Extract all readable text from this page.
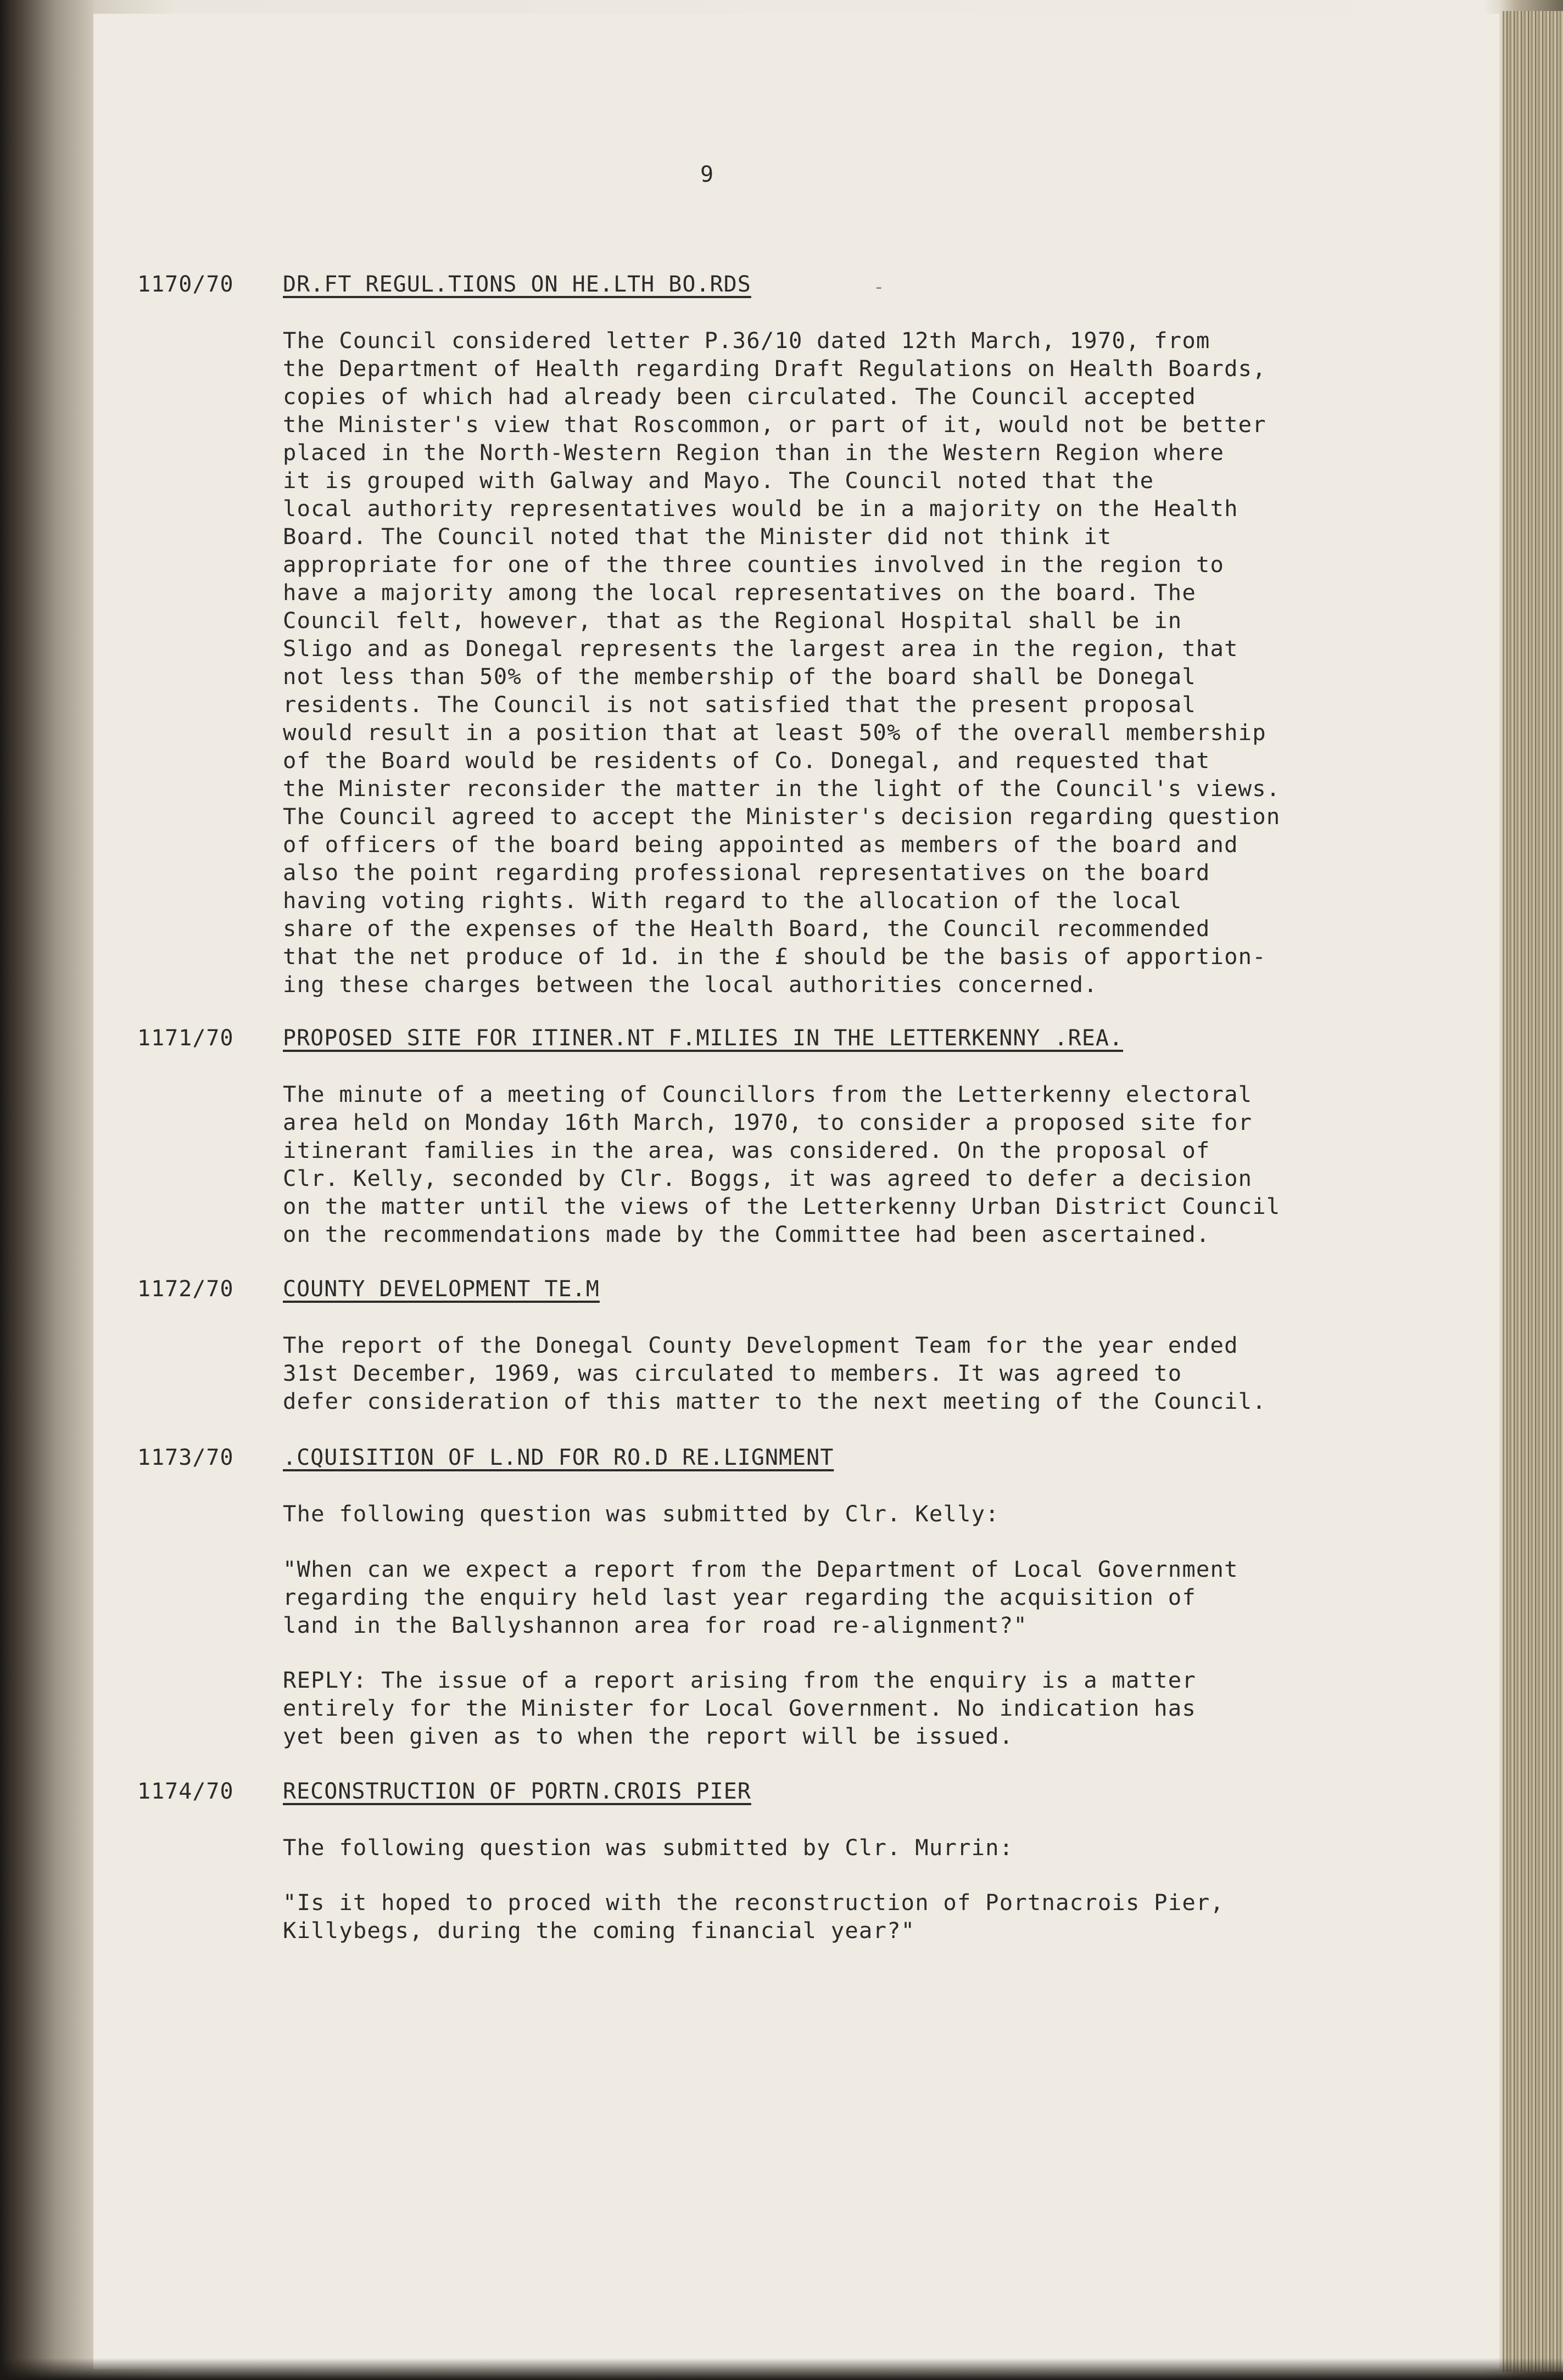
9
-
1170/70 DR.FT REGUL.TIONS ON HE.LTH BO.RDS

The Council considered letter P.36/10 dated 12th March, 1970, from
the Department of Health regarding Draft Regulations on Health Boards,
copies of which had already been circulated. The Council accepted
the Minister's view that Roscommon, or part of it, would not be better
placed in the North-Western Region than in the Western Region where
it is grouped with Galway and Mayo. The Council noted that the
local authority representatives would be in a majority on the Health
Board. The Council noted that the Minister did not think it
appropriate for one of the three counties involved in the region to
have a majority among the local representatives on the board. The
Council felt, however, that as the Regional Hospital shall be in
Sligo and as Donegal represents the largest area in the region, that
not less than 50% of the membership of the board shall be Donegal
residents. The Council is not satisfied that the present proposal
would result in a position that at least 50% of the overall membership
of the Board would be residents of Co. Donegal, and requested that
the Minister reconsider the matter in the light of the Council's views.
The Council agreed to accept the Minister's decision regarding question
of officers of the board being appointed as members of the board and
also the point regarding professional representatives on the board
having voting rights. With regard to the allocation of the local
share of the expenses of the Health Board, the Council recommended
that the net produce of 1d. in the £ should be the basis of apportion-
ing these charges between the local authorities concerned.

1171/70 PROPOSED SITE FOR ITINER.NT F.MILIES IN THE LETTERKENNY .REA.

The minute of a meeting of Councillors from the Letterkenny electoral
area held on Monday 16th March, 1970, to consider a proposed site for
itinerant families in the area, was considered. On the proposal of
Clr. Kelly, seconded by Clr. Boggs, it was agreed to defer a decision
on the matter until the views of the Letterkenny Urban District Council
on the recommendations made by the Committee had been ascertained.

1172/70 COUNTY DEVELOPMENT TE.M

The report of the Donegal County Development Team for the year ended
31st December, 1969, was circulated to members. It was agreed to
defer consideration of this matter to the next meeting of the Council.

1173/70 .CQUISITION OF L.ND FOR RO.D RE.LIGNMENT

The following question was submitted by Clr. Kelly:

"When can we expect a report from the Department of Local Government
regarding the enquiry held last year regarding the acquisition of
land in the Ballyshannon area for road re-alignment?"

REPLY: The issue of a report arising from the enquiry is a matter
entirely for the Minister for Local Government. No indication has
yet been given as to when the report will be issued.

1174/70 RECONSTRUCTION OF PORTN.CROIS PIER

The following question was submitted by Clr. Murrin:

"Is it hoped to proced with the reconstruction of Portnacrois Pier,
Killybegs, during the coming financial year?"
